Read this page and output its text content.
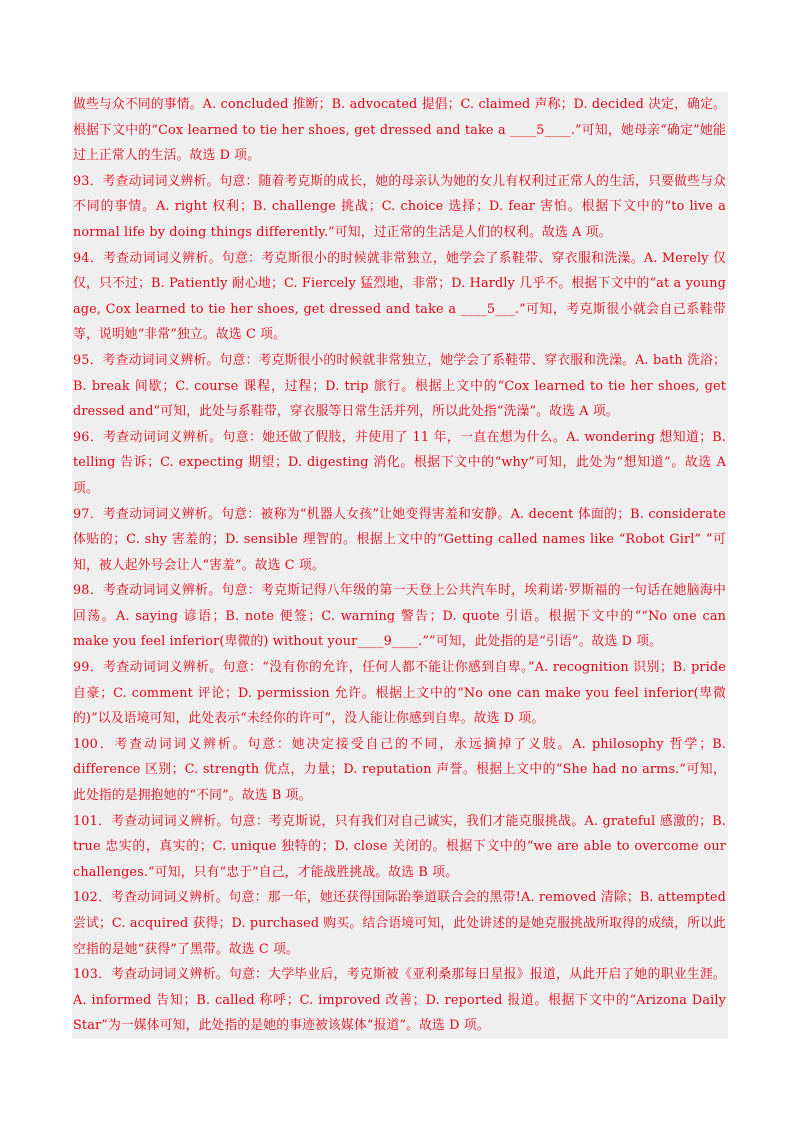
做些与众不同的事情。A. concluded 推断；B. advocated 提倡；C. claimed 声称；D. decided 决定，确定。根据下文中的“Cox learned to tie her shoes, get dressed and take a ____5____.”可知，她母亲“确定”她能过上正常人的生活。故选 D 项。

93．考查动词词义辨析。句意：随着考克斯的成长，她的母亲认为她的女儿有权利过正常人的生活，只要做些与众不同的事情。A. right 权利；B. challenge 挑战；C. choice 选择；D. fear 害怕。根据下文中的“to live a normal life by doing things differently.”可知，过正常的生活是人们的权利。故选 A 项。

94．考查动词词义辨析。句意：考克斯很小的时候就非常独立，她学会了系鞋带、穿衣服和洗澡。A. Merely 仅仅，只不过；B. Patiently 耐心地；C. Fiercely 猛烈地，非常；D. Hardly 几乎不。根据下文中的“at a young age, Cox learned to tie her shoes, get dressed and take a ____5___.”可知，考克斯很小就会自己系鞋带等，说明她“非常”独立。故选 C 项。

95．考查动词词义辨析。句意：考克斯很小的时候就非常独立，她学会了系鞋带、穿衣服和洗澡。A. bath 洗浴；B. break 间歇；C. course 课程，过程；D. trip 旅行。根据上文中的“Cox learned to tie her shoes, get dressed and”可知，此处与系鞋带，穿衣服等日常生活并列，所以此处指“洗澡”。故选 A 项。

96．考查动词词义辨析。句意：她还做了假肢，并使用了 11 年，一直在想为什么。A. wondering 想知道；B. telling 告诉；C. expecting 期望；D. digesting 消化。根据下文中的“why”可知，此处为“想知道”。故选 A 项。

97．考查动词词义辨析。句意：被称为“机器人女孩”让她变得害羞和安静。A. decent 体面的；B. considerate 体贴的；C. shy 害羞的；D. sensible 理智的。根据上文中的“Getting called names like “Robot Girl” ”可知，被人起外号会让人“害羞”。故选 C 项。

98．考查动词词义辨析。句意：考克斯记得八年级的第一天登上公共汽车时，埃莉诺·罗斯福的一句话在她脑海中回荡。A. saying 谚语；B. note 便签；C. warning 警告；D. quote 引语。根据下文中的““No one can make you feel inferior(卑微的) without your____9____.””可知，此处指的是“引语”。故选 D 项。

99．考查动词词义辨析。句意：“没有你的允许，任何人都不能让你感到自卑。”A. recognition 识别；B. pride 自豪；C. comment 评论；D. permission 允许。根据上文中的“No one can make you feel inferior(卑微的)”以及语境可知，此处表示“未经你的许可”，没人能让你感到自卑。故选 D 项。

100．考查动词词义辨析。句意：她决定接受自己的不同，永远摘掉了义肢。A. philosophy 哲学；B. difference 区别；C. strength 优点，力量；D. reputation 声誉。根据上文中的“She had no arms.”可知，此处指的是拥抱她的“不同”。故选 B 项。

101．考查动词词义辨析。句意：考克斯说，只有我们对自己诚实，我们才能克服挑战。A. grateful 感激的；B. true 忠实的，真实的；C. unique 独特的；D. close 关闭的。根据下文中的“we are able to overcome our challenges.”可知，只有“忠于”自己，才能战胜挑战。故选 B 项。

102．考查动词词义辨析。句意：那一年，她还获得国际跆拳道联合会的黑带!A. removed 清除；B. attempted 尝试；C. acquired 获得；D. purchased 购买。结合语境可知，此处讲述的是她克服挑战所取得的成绩，所以此空指的是她“获得”了黑带。故选 C 项。

103．考查动词词义辨析。句意：大学毕业后，考克斯被《亚利桑那每日星报》报道，从此开启了她的职业生涯。A. informed 告知；B. called 称呼；C. improved 改善；D. reported 报道。根据下文中的“Arizona Daily Star”为一媒体可知，此处指的是她的事迹被该媒体“报道”。故选 D 项。
